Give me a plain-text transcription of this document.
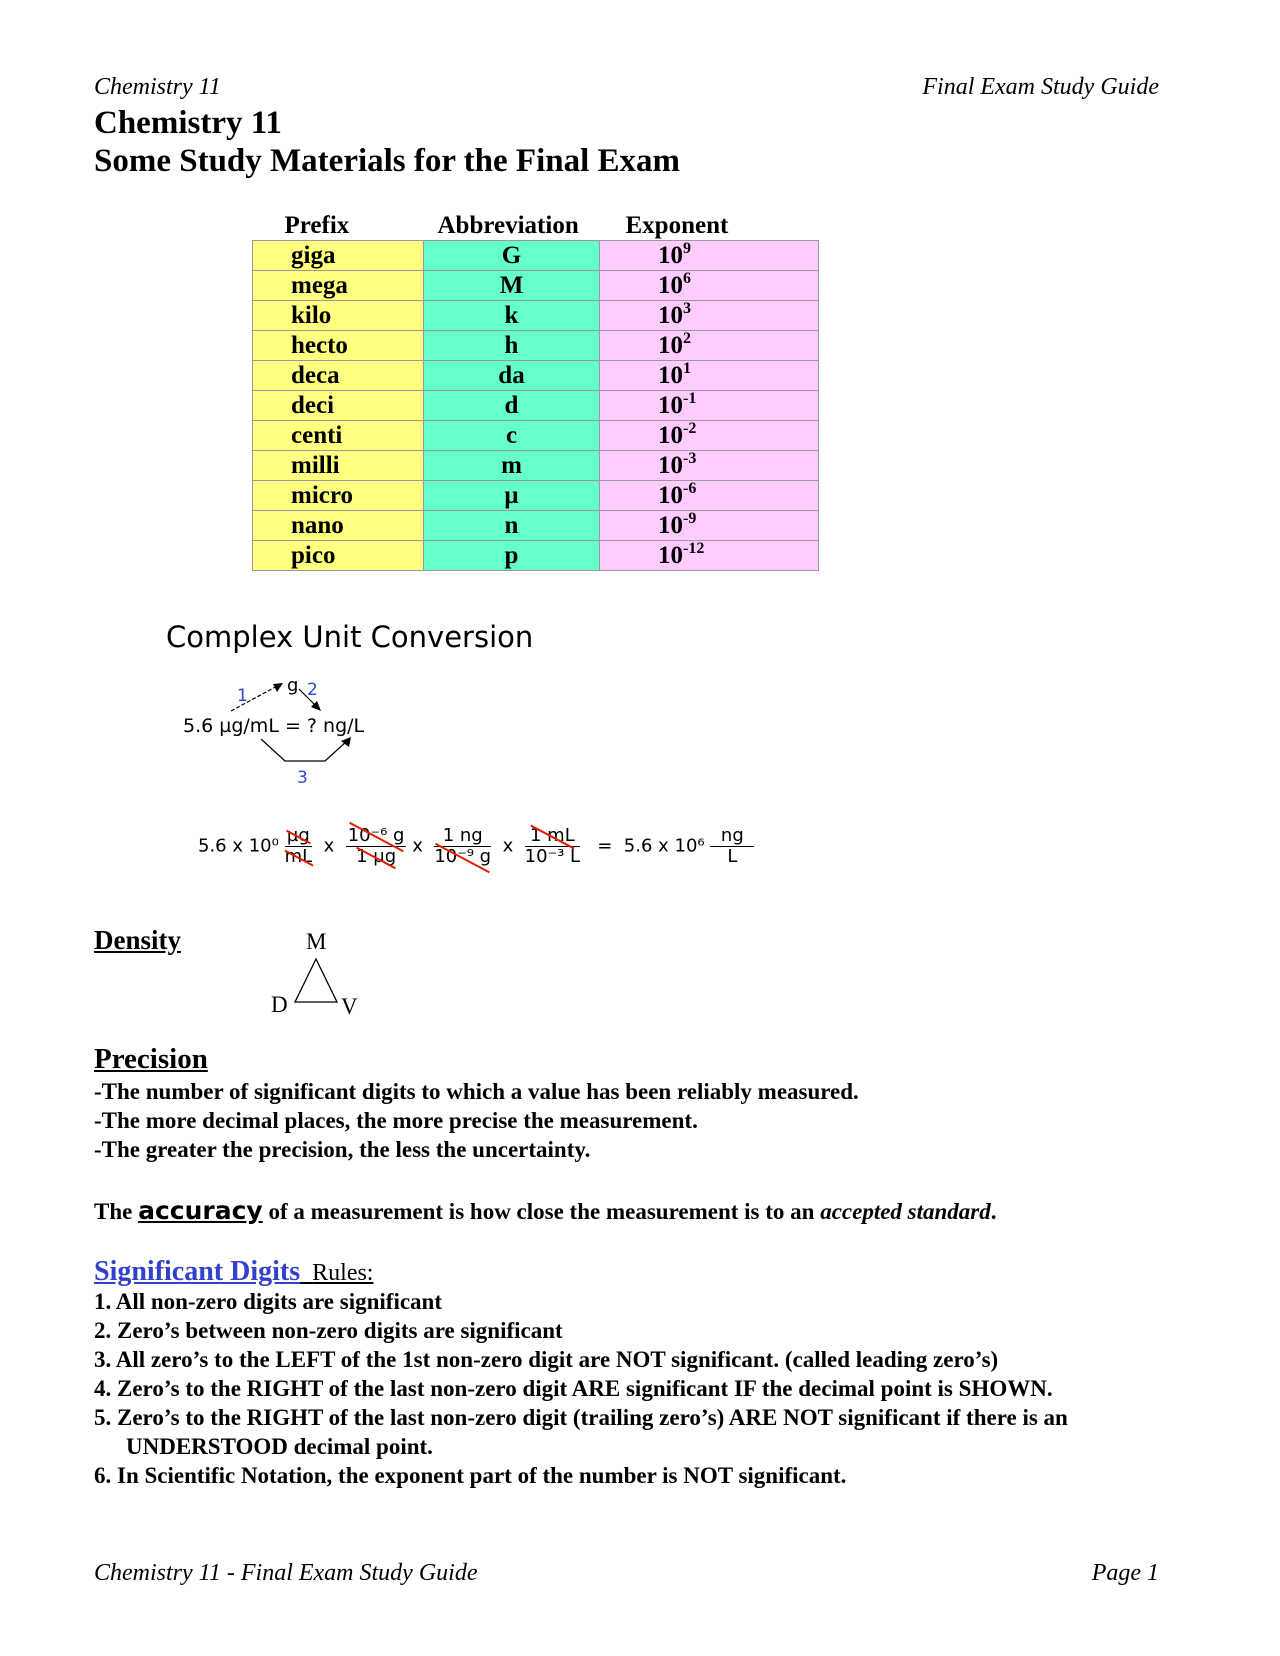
Chemistry 11	Final Exam Study Guide
Chemistry 11
Some Study Materials for the Final Exam
Prefix	Abbreviation	Exponent
giga	G	$10^9$
mega	M	$10^6$
kilo	k	$10^3$
hecto	h	$10^2$
deca	da	$10^1$
deci	d	$10^{-1}$
centi	c	$10^{-2}$
milli	m	$10^{-3}$
micro	µ	$10^{-6}$
nano	n	$10^{-9}$
pico	p	$10^{-12}$
Complex Unit Conversion
1 g 2
5.6 µg/mL = ? ng/L
3
5.6 x $10^0 \frac{\text{µg}}{mL}$ x $\frac{\text{10⁻⁶ g}}{\text{1 µg}}$ x $\frac{1 ng}{\text{10⁻⁹ g}}$ x $\frac{1 mL}{\text{10⁻³ L}} = 5.6$ x $10^6 \frac{ng}{L}$
Density	M
D V
Precision
-The number of significant digits to which a value has been reliably measured.
-The more decimal places, the more precise the measurement.
-The greater the precision, the less the uncertainty.
The accuracy of a measurement is how close the measurement is to an accepted standard.
Significant Digits Rules:
1. All non-zero digits are significant
2. Zero’s between non-zero digits are significant
3. All zero’s to the LEFT of the 1st non-zero digit are NOT significant. (called leading zero’s)
4. Zero’s to the RIGHT of the last non-zero digit ARE significant IF the decimal point is SHOWN.
5. Zero’s to the RIGHT of the last non-zero digit (trailing zero’s) ARE NOT significant if there is an
UNDERSTOOD decimal point.
6. In Scientific Notation, the exponent part of the number is NOT significant.
Chemistry 11 - Final Exam Study Guide	Page 1
